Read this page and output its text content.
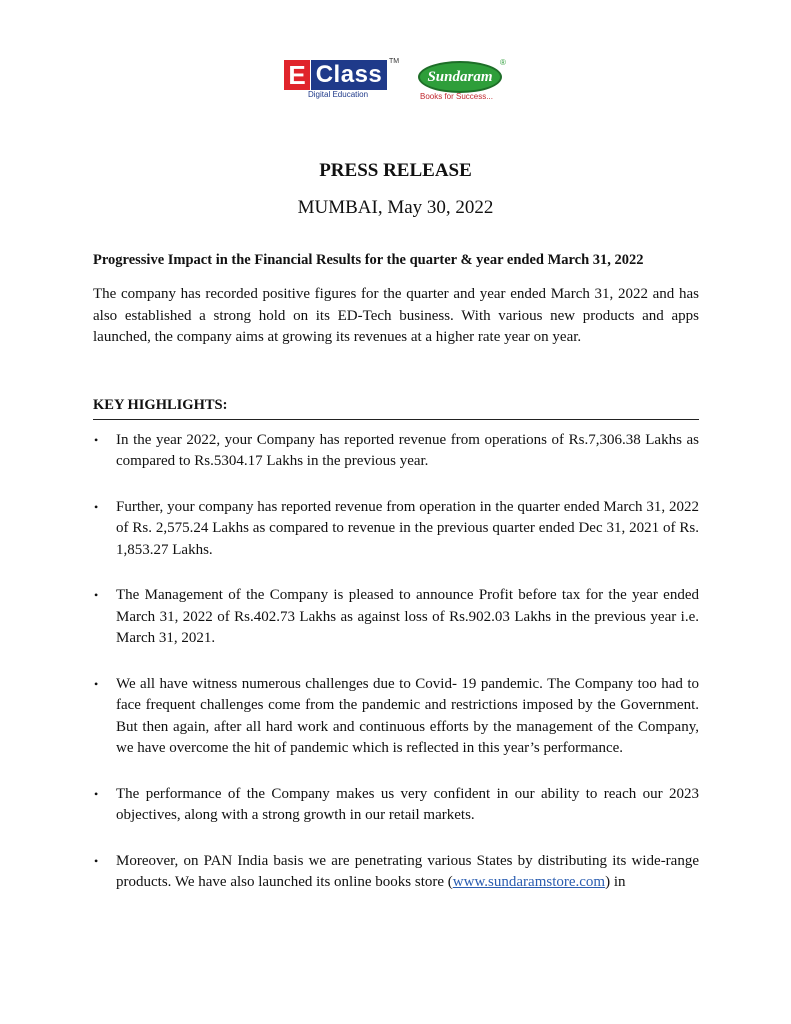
E Class TM
Digital Education
Sundaram
®
Books for Success...
PRESS RELEASE
MUMBAI, May 30, 2022

Progressive Impact in the Financial Results for the quarter & year ended March 31, 2022

The company has recorded positive figures for the quarter and year ended March 31, 2022 and has also established a strong hold on its ED-Tech business. With various new products and apps launched, the company aims at growing its revenues at a higher rate year on year.

KEY HIGHLIGHTS:

• In the year 2022, your Company has reported revenue from operations of Rs.7,306.38 Lakhs as compared to Rs.5304.17 Lakhs in the previous year.
• Further, your company has reported revenue from operation in the quarter ended March 31, 2022 of Rs. 2,575.24 Lakhs as compared to revenue in the previous quarter ended Dec 31, 2021 of Rs. 1,853.27 Lakhs.
• The Management of the Company is pleased to announce Profit before tax for the year ended March 31, 2022 of Rs.402.73 Lakhs as against loss of Rs.902.03 Lakhs in the previous year i.e. March 31, 2021.
• We all have witness numerous challenges due to Covid- 19 pandemic. The Company too had to face frequent challenges come from the pandemic and restrictions imposed by the Government. But then again, after all hard work and continuous efforts by the management of the Company, we have overcome the hit of pandemic which is reflected in this year’s performance.
• The performance of the Company makes us very confident in our ability to reach our 2023 objectives, along with a strong growth in our retail markets.
• Moreover, on PAN India basis we are penetrating various States by distributing its wide-range products. We have also launched its online books store (www.sundaramstore.com) in
